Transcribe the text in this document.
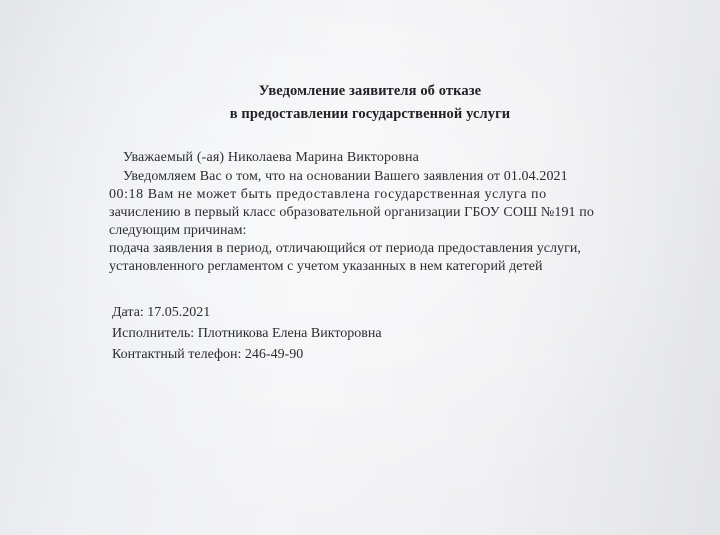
Уведомление заявителя об отказе
в предоставлении государственной услуги
Уважаемый (-ая) Николаева Марина Викторовна
Уведомляем Вас о том, что на основании Вашего заявления от 01.04.2021
00:18 Вам не может быть предоставлена государственная услуга по
зачислению в первый класс образовательной организации ГБОУ СОШ №191 по
следующим причинам:
подача заявления в период, отличающийся от периода предоставления услуги,
установленного регламентом с учетом указанных в нем категорий детей
Дата: 17.05.2021
Исполнитель: Плотникова Елена Викторовна
Контактный телефон: 246-49-90
